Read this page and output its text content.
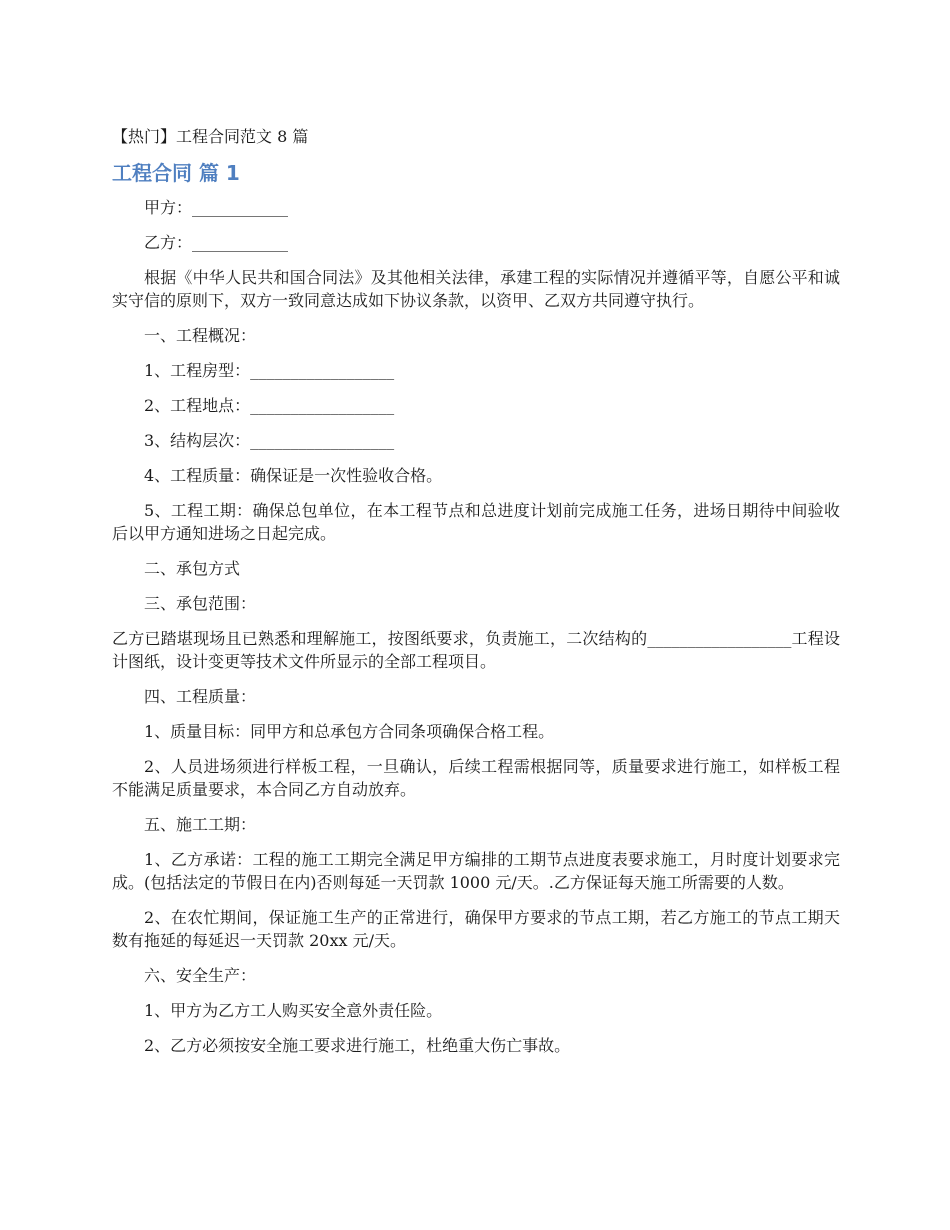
【热门】工程合同范文 8 篇
工程合同 篇 1

甲方：____________

乙方：____________

根据《中华人民共和国合同法》及其他相关法律，承建工程的实际情况并遵循平等，自愿公平和诚实守信的原则下，双方一致同意达成如下协议条款，以资甲、乙双方共同遵守执行。

一、工程概况：

1、工程房型：__________________

2、工程地点：__________________

3、结构层次：__________________

4、工程质量：确保证是一次性验收合格。

5、工程工期：确保总包单位，在本工程节点和总进度计划前完成施工任务，进场日期待中间验收后以甲方通知进场之日起完成。

二、承包方式

三、承包范围：

乙方已踏堪现场且已熟悉和理解施工，按图纸要求，负责施工，二次结构的__________________工程设计图纸，设计变更等技术文件所显示的全部工程项目。

四、工程质量：

1、质量目标：同甲方和总承包方合同条项确保合格工程。

2、人员进场须进行样板工程，一旦确认，后续工程需根据同等，质量要求进行施工，如样板工程不能满足质量要求，本合同乙方自动放弃。

五、施工工期：

1、乙方承诺：工程的施工工期完全满足甲方编排的工期节点进度表要求施工，月时度计划要求完成。(包括法定的节假日在内)否则每延一天罚款 1000 元/天。.乙方保证每天施工所需要的人数。

2、在农忙期间，保证施工生产的正常进行，确保甲方要求的节点工期，若乙方施工的节点工期天数有拖延的每延迟一天罚款 20xx 元/天。

六、安全生产：

1、甲方为乙方工人购买安全意外责任险。

2、乙方必须按安全施工要求进行施工，杜绝重大伤亡事故。
